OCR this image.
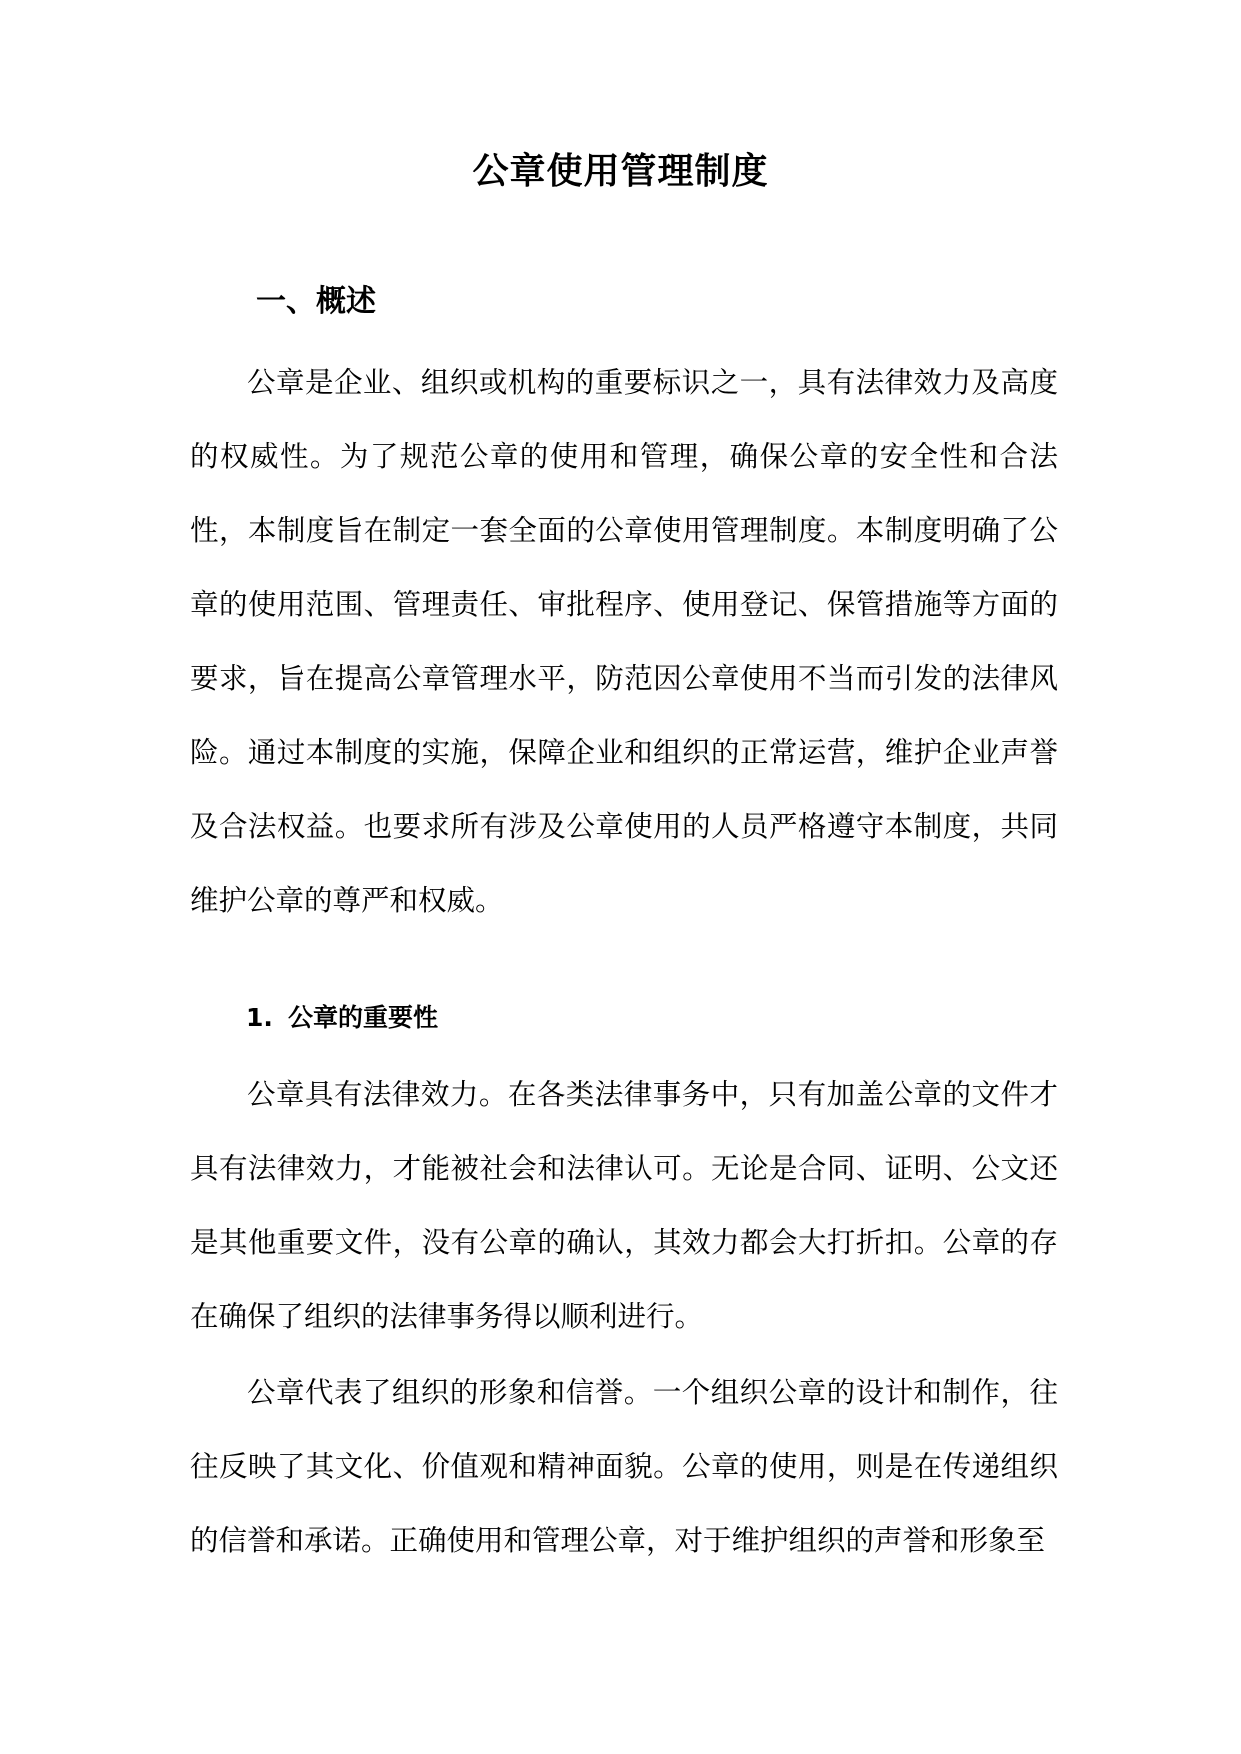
公章使用管理制度
一、概述

公章是企业、组织或机构的重要标识之一，具有法律效力及高度的权威性。为了规范公章的使用和管理，确保公章的安全性和合法性，本制度旨在制定一套全面的公章使用管理制度。本制度明确了公章的使用范围、管理责任、审批程序、使用登记、保管措施等方面的要求，旨在提高公章管理水平，防范因公章使用不当而引发的法律风险。通过本制度的实施，保障企业和组织的正常运营，维护企业声誉及合法权益。也要求所有涉及公章使用的人员严格遵守本制度，共同维护公章的尊严和权威。

1. 公章的重要性

公章具有法律效力。在各类法律事务中，只有加盖公章的文件才具有法律效力，才能被社会和法律认可。无论是合同、证明、公文还是其他重要文件，没有公章的确认，其效力都会大打折扣。公章的存在确保了组织的法律事务得以顺利进行。

公章代表了组织的形象和信誉。一个组织公章的设计和制作，往往反映了其文化、价值观和精神面貌。公章的使用，则是在传递组织的信誉和承诺。正确使用和管理公章，对于维护组织的声誉和形象至
